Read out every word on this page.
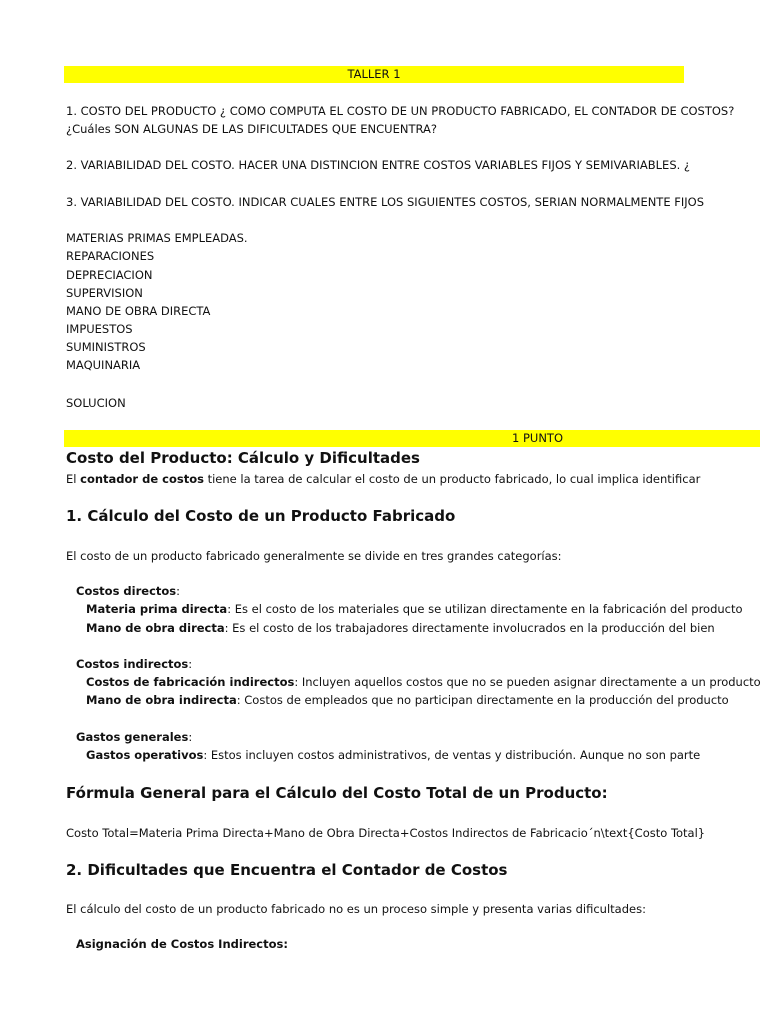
TALLER 1
1. COSTO DEL PRODUCTO ¿ COMO COMPUTA EL COSTO DE UN PRODUCTO FABRICADO, EL CONTADOR DE COSTOS?
¿Cuáles SON ALGUNAS DE LAS DIFICULTADES QUE ENCUENTRA?
2. VARIABILIDAD DEL COSTO. HACER UNA DISTINCION ENTRE COSTOS VARIABLES FIJOS Y SEMIVARIABLES. ¿
3. VARIABILIDAD DEL COSTO. INDICAR CUALES ENTRE LOS SIGUIENTES COSTOS, SERIAN NORMALMENTE FIJOS
MATERIAS PRIMAS EMPLEADAS.
REPARACIONES
DEPRECIACION
SUPERVISION
MANO DE OBRA DIRECTA
IMPUESTOS
SUMINISTROS
MAQUINARIA
SOLUCION
1 PUNTO
Costo del Producto: Cálculo y Dificultades
El contador de costos tiene la tarea de calcular el costo de un producto fabricado, lo cual implica identificar
1. Cálculo del Costo de un Producto Fabricado
El costo de un producto fabricado generalmente se divide en tres grandes categorías:
Costos directos:
Materia prima directa: Es el costo de los materiales que se utilizan directamente en la fabricación del producto
Mano de obra directa: Es el costo de los trabajadores directamente involucrados en la producción del bien
Costos indirectos:
Costos de fabricación indirectos: Incluyen aquellos costos que no se pueden asignar directamente a un producto
Mano de obra indirecta: Costos de empleados que no participan directamente en la producción del producto
Gastos generales:
Gastos operativos: Estos incluyen costos administrativos, de ventas y distribución. Aunque no son parte
Fórmula General para el Cálculo del Costo Total de un Producto:
Costo Total=Materia Prima Directa+Mano de Obra Directa+Costos Indirectos de Fabricacio´n\text{Costo Total}
2. Dificultades que Encuentra el Contador de Costos
El cálculo del costo de un producto fabricado no es un proceso simple y presenta varias dificultades:
Asignación de Costos Indirectos:
